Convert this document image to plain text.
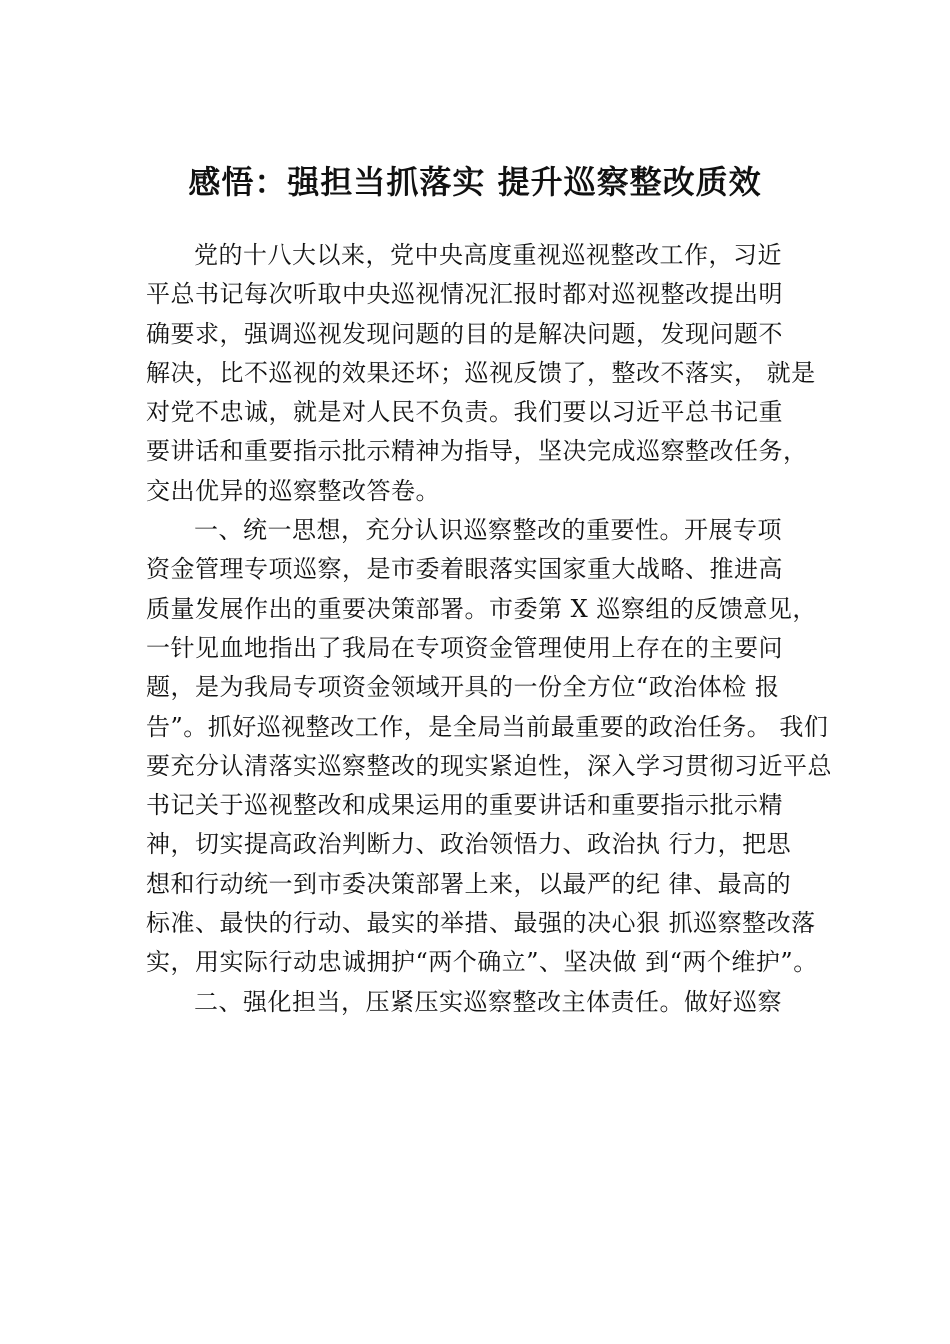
感悟：强担当抓落实 提升巡察整改质效
党的十八大以来，党中央高度重视巡视整改工作，习近
平总书记每次听取中央巡视情况汇报时都对巡视整改提出明
确要求，强调巡视发现问题的目的是解决问题，发现问题不
解决，比不巡视的效果还坏；巡视反馈了，整改不落实， 就是
对党不忠诚，就是对人民不负责。我们要以习近平总书记重
要讲话和重要指示批示精神为指导，坚决完成巡察整改任务，
交出优异的巡察整改答卷。
一、统一思想，充分认识巡察整改的重要性。开展专项
资金管理专项巡察，是市委着眼落实国家重大战略、推进高
质量发展作出的重要决策部署。市委第 X 巡察组的反馈意见，
一针见血地指出了我局在专项资金管理使用上存在的主要问
题，是为我局专项资金领域开具的一份全方位“政治体检 报
告”。抓好巡视整改工作，是全局当前最重要的政治任务。 我们
要充分认清落实巡察整改的现实紧迫性，深入学习贯彻习近平总
书记关于巡视整改和成果运用的重要讲话和重要指示批示精
神，切实提高政治判断力、政治领悟力、政治执 行力，把思
想和行动统一到市委决策部署上来，以最严的纪 律、最高的
标准、最快的行动、最实的举措、最强的决心狠 抓巡察整改落
实，用实际行动忠诚拥护“两个确立”、坚决做 到“两个维护”。
二、强化担当，压紧压实巡察整改主体责任。做好巡察
